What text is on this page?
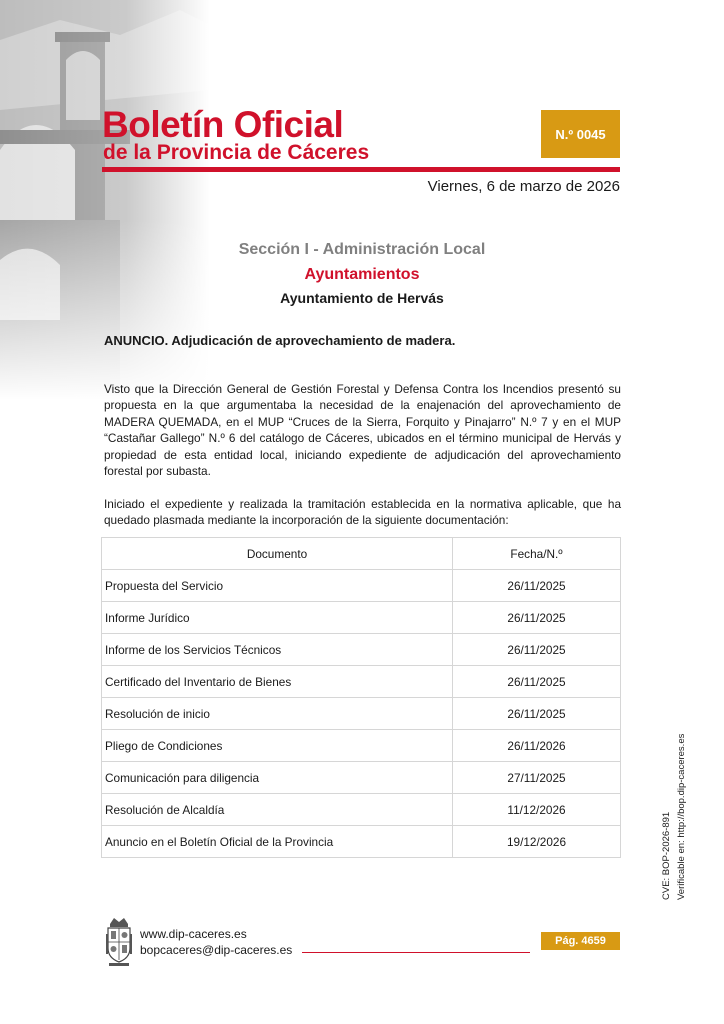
Boletín Oficial
de la Provincia de Cáceres
N.º 0045
Viernes, 6 de marzo de 2026

Sección I - Administración Local

Ayuntamientos

Ayuntamiento de Hervás

ANUNCIO. Adjudicación de aprovechamiento de madera.

Visto que la Dirección General de Gestión Forestal y Defensa Contra los Incendios presentó su propuesta en la que argumentaba la necesidad de la enajenación del aprovechamiento de MADERA QUEMADA, en el MUP “Cruces de la Sierra, Forquito y Pinajarro” N.º 7 y en el MUP “Castañar Gallego” N.º 6 del catálogo de Cáceres, ubicados en el término municipal de Hervás y propiedad de esta entidad local, iniciando expediente de adjudicación del aprovechamiento forestal por subasta.

Iniciado el expediente y realizada la tramitación establecida en la normativa aplicable, que ha quedado plasmada mediante la incorporación de la siguiente documentación:

Documento	Fecha/N.º
Propuesta del Servicio	26/11/2025
Informe Jurídico	26/11/2025
Informe de los Servicios Técnicos	26/11/2025
Certificado del Inventario de Bienes	26/11/2025
Resolución de inicio	26/11/2025
Pliego de Condiciones	26/11/2026
Comunicación para diligencia	27/11/2025
Resolución de Alcaldía	11/12/2026
Anuncio en el Boletín Oficial de la Provincia	19/12/2026	CVE: BOP-2026-891 Verificable en: http://bop.dip-caceres.es
www.dip-caceres.es
bopcaceres@dip-caceres.es
Pág. 4659
